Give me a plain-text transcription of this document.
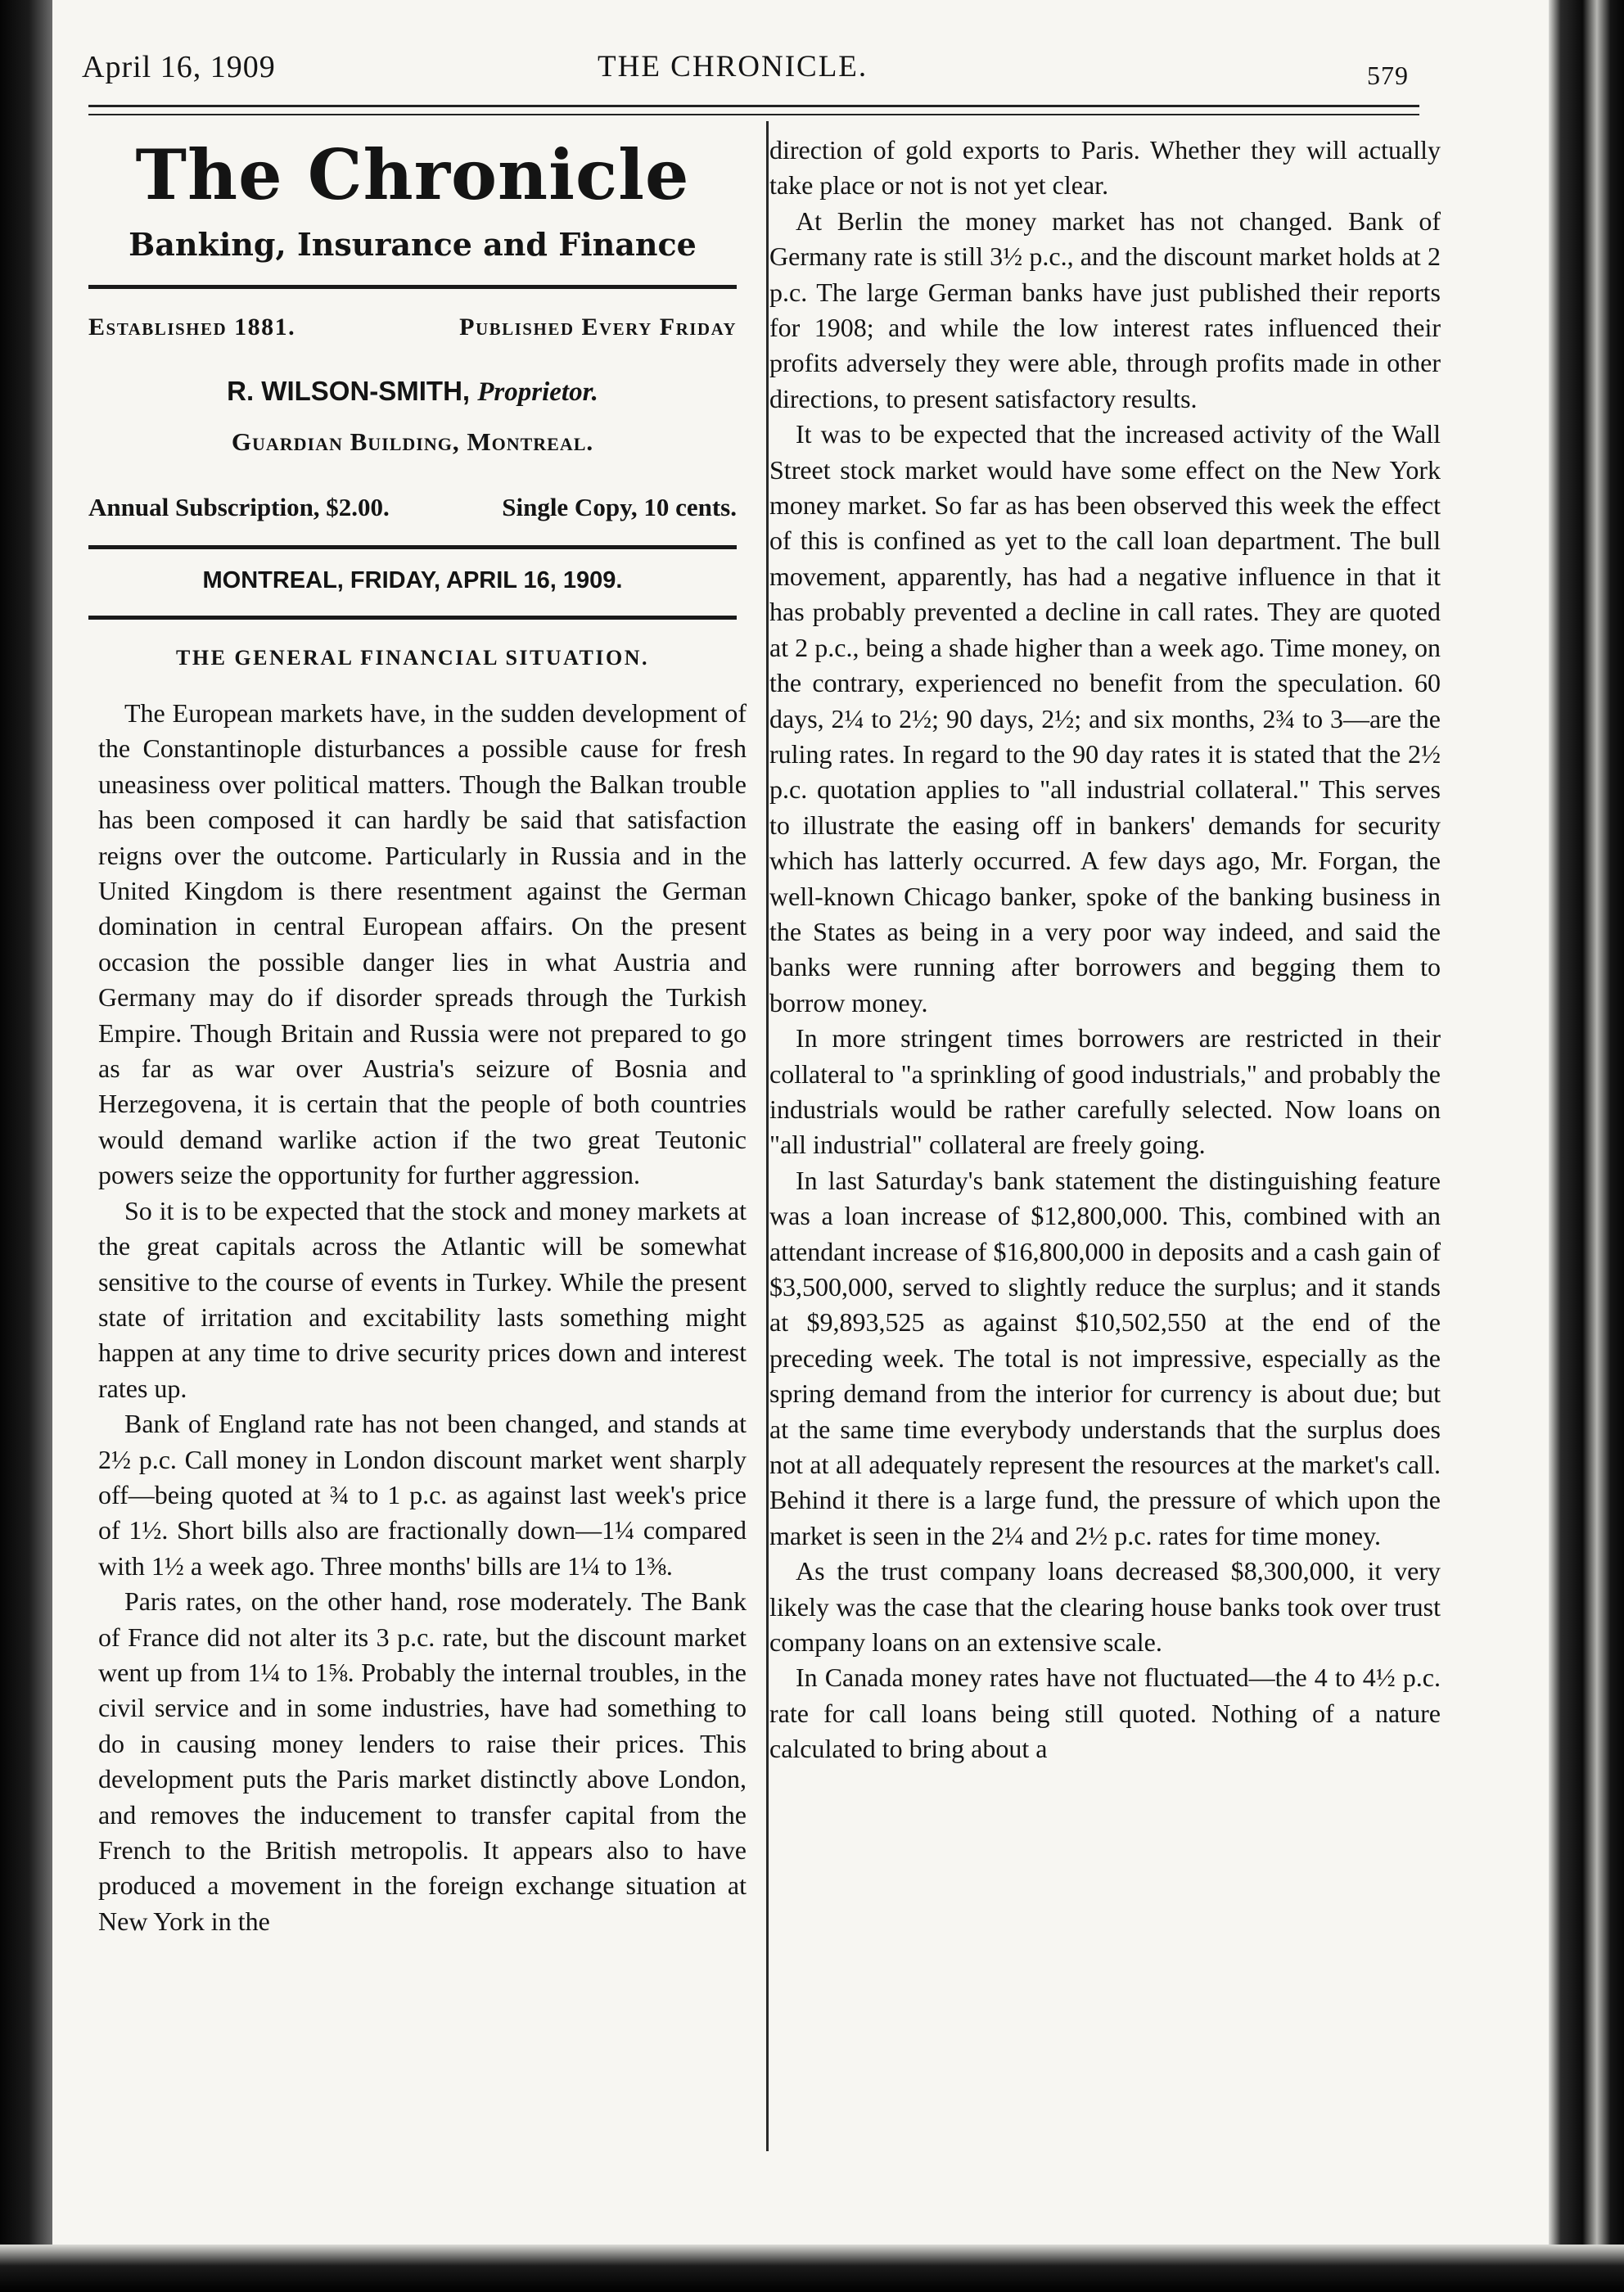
April 16, 1909	THE CHRONICLE.	579
The Chronicle
Banking, Insurance and Finance
Established 1881.	Published Every Friday
R. WILSON-SMITH, Proprietor.
Guardian Building, Montreal.
Annual Subscription, $2.00.	Single Copy, 10 cents.
MONTREAL, FRIDAY, APRIL 16, 1909.
THE GENERAL FINANCIAL SITUATION.

The European markets have, in the sudden development of the Constantinople disturbances a possible cause for fresh uneasiness over political matters. Though the Balkan trouble has been composed it can hardly be said that satisfaction reigns over the outcome. Particularly in Russia and in the United Kingdom is there resentment against the German domination in central European affairs. On the present occasion the possible danger lies in what Austria and Germany may do if disorder spreads through the Turkish Empire. Though Britain and Russia were not prepared to go as far as war over Austria's seizure of Bosnia and Herzegovena, it is certain that the people of both countries would demand warlike action if the two great Teutonic powers seize the opportunity for further aggression.

So it is to be expected that the stock and money markets at the great capitals across the Atlantic will be somewhat sensitive to the course of events in Turkey. While the present state of irritation and excitability lasts something might happen at any time to drive security prices down and interest rates up.

Bank of England rate has not been changed, and stands at 2½ p.c. Call money in London discount market went sharply off—being quoted at ¾ to 1 p.c. as against last week's price of 1½. Short bills also are fractionally down—1¼ compared with 1½ a week ago. Three months' bills are 1¼ to 1⅜.

Paris rates, on the other hand, rose moderately. The Bank of France did not alter its 3 p.c. rate, but the discount market went up from 1¼ to 1⅝. Probably the internal troubles, in the civil service and in some industries, have had something to do in causing money lenders to raise their prices. This development puts the Paris market distinctly above London, and removes the inducement to transfer capital from the French to the British metropolis. It appears also to have produced a movement in the foreign exchange situation at New York in the

direction of gold exports to Paris. Whether they will actually take place or not is not yet clear.

At Berlin the money market has not changed. Bank of Germany rate is still 3½ p.c., and the discount market holds at 2 p.c. The large German banks have just published their reports for 1908; and while the low interest rates influenced their profits adversely they were able, through profits made in other directions, to present satisfactory results.

It was to be expected that the increased activity of the Wall Street stock market would have some effect on the New York money market. So far as has been observed this week the effect of this is confined as yet to the call loan department. The bull movement, apparently, has had a negative influence in that it has probably prevented a decline in call rates. They are quoted at 2 p.c., being a shade higher than a week ago. Time money, on the contrary, experienced no benefit from the speculation. 60 days, 2¼ to 2½; 90 days, 2½; and six months, 2¾ to 3—are the ruling rates. In regard to the 90 day rates it is stated that the 2½ p.c. quotation applies to "all industrial collateral." This serves to illustrate the easing off in bankers' demands for security which has latterly occurred. A few days ago, Mr. Forgan, the well-known Chicago banker, spoke of the banking business in the States as being in a very poor way indeed, and said the banks were running after borrowers and begging them to borrow money.

In more stringent times borrowers are restricted in their collateral to "a sprinkling of good industrials," and probably the industrials would be rather carefully selected. Now loans on "all industrial" collateral are freely going.

In last Saturday's bank statement the distinguishing feature was a loan increase of $12,800,000. This, combined with an attendant increase of $16,800,000 in deposits and a cash gain of $3,500,000, served to slightly reduce the surplus; and it stands at $9,893,525 as against $10,502,550 at the end of the preceding week. The total is not impressive, especially as the spring demand from the interior for currency is about due; but at the same time everybody understands that the surplus does not at all adequately represent the resources at the market's call. Behind it there is a large fund, the pressure of which upon the market is seen in the 2¼ and 2½ p.c. rates for time money.

As the trust company loans decreased $8,300,000, it very likely was the case that the clearing house banks took over trust company loans on an extensive scale.

In Canada money rates have not fluctuated—the 4 to 4½ p.c. rate for call loans being still quoted. Nothing of a nature calculated to bring about a
